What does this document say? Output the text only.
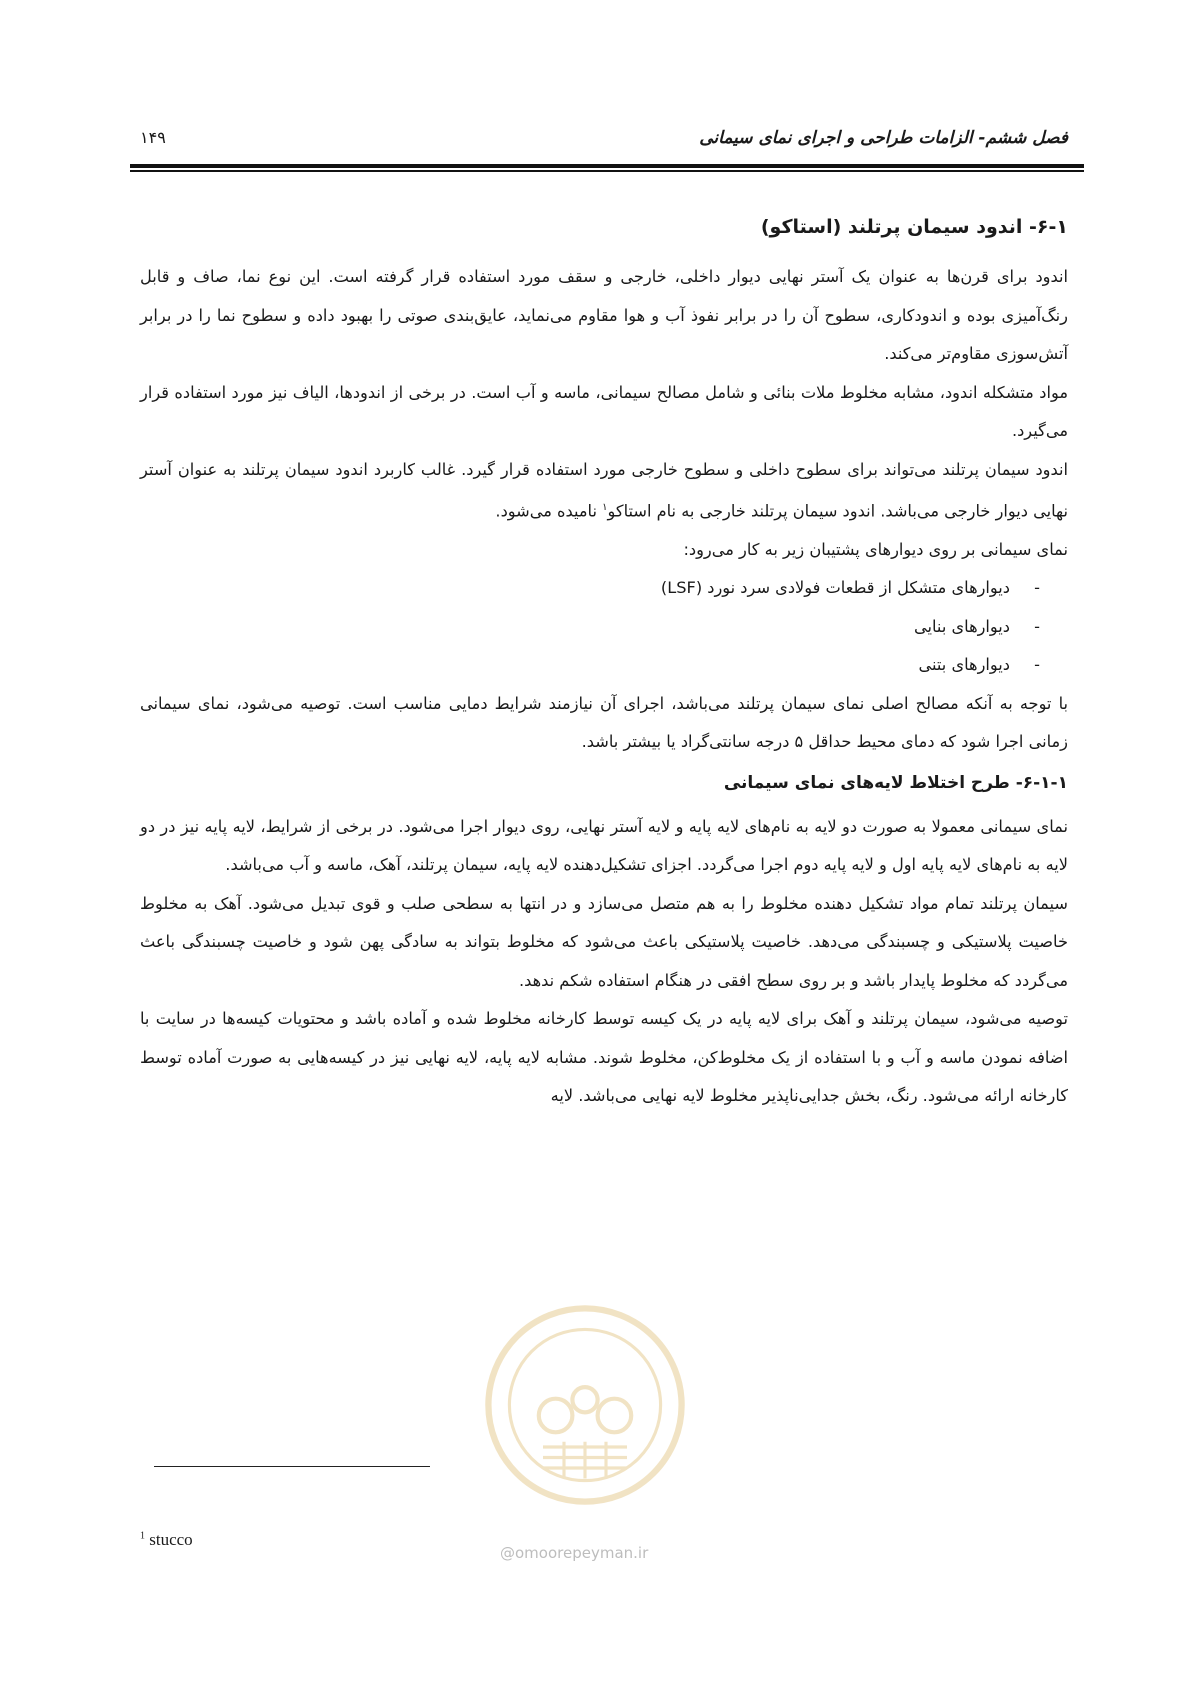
فصل ششم- الزامات طراحی و اجرای نمای سیمانی
۱۴۹
۶-۱- اندود سیمان پرتلند (استاکو)

اندود برای قرن‌ها به عنوان یک آستر نهایی دیوار داخلی، خارجی و سقف مورد استفاده قرار گرفته است. این نوع نما، صاف و قابل رنگ‌آمیزی بوده و اندودکاری، سطوح آن را در برابر نفوذ آب و هوا مقاوم می‌نماید، عایق‌بندی صوتی را بهبود داده و سطوح نما را در برابر آتش‌سوزی مقاوم‌تر می‌کند.

مواد متشکله اندود، مشابه مخلوط ملات بنائی و شامل مصالح سیمانی، ماسه و آب است. در برخی از اندودها، الیاف نیز مورد استفاده قرار می‌گیرد.

اندود سیمان پرتلند می‌تواند برای سطوح داخلی و سطوح خارجی مورد استفاده قرار گیرد. غالب کاربرد اندود سیمان پرتلند به عنوان آستر نهایی دیوار خارجی می‌باشد. اندود سیمان پرتلند خارجی به نام استاکو$^۱$ نامیده می‌شود.

نمای سیمانی بر روی دیوارهای پشتیبان زیر به کار می‌رود:

-دیوارهای متشکل از قطعات فولادی سرد نورد (LSF)
-دیوارهای بنایی
-دیوارهای بتنی

با توجه به آنکه مصالح اصلی نمای سیمان پرتلند می‌باشد، اجرای آن نیازمند شرایط دمایی مناسب است. توصیه می‌شود، نمای سیمانی زمانی اجرا شود که دمای محیط حداقل ۵ درجه سانتی‌گراد یا بیشتر باشد.

۶-۱-۱- طرح اختلاط لایه‌های نمای سیمانی

نمای سیمانی معمولا به صورت دو لایه به نام‌های لایه پایه و لایه آستر نهایی، روی دیوار اجرا می‌شود. در برخی از شرایط، لایه پایه نیز در دو لایه به نام‌های لایه پایه اول و لایه پایه دوم اجرا می‌گردد. اجزای تشکیل‌دهنده لایه پایه، سیمان پرتلند، آهک، ماسه و آب می‌باشد.

سیمان پرتلند تمام مواد تشکیل دهنده مخلوط را به هم متصل می‌سازد و در انتها به سطحی صلب و قوی تبدیل می‌شود. آهک به مخلوط خاصیت پلاستیکی و چسبندگی می‌دهد. خاصیت پلاستیکی باعث می‌شود که مخلوط بتواند به سادگی پهن شود و خاصیت چسبندگی باعث می‌گردد که مخلوط پایدار باشد و بر روی سطح افقی در هنگام استفاده شکم ندهد.

توصیه می‌شود، سیمان پرتلند و آهک برای لایه پایه در یک کیسه توسط کارخانه مخلوط شده و آماده باشد و محتویات کیسه‌ها در سایت با اضافه نمودن ماسه و آب و با استفاده از یک مخلوط‌کن، مخلوط شوند. مشابه لایه پایه، لایه نهایی نیز در کیسه‌هایی به صورت آماده توسط کارخانه ارائه می‌شود. رنگ، بخش جدایی‌ناپذیر مخلوط لایه نهایی می‌باشد. لایه

@omoorepeyman.ir
$^1$ stucco
